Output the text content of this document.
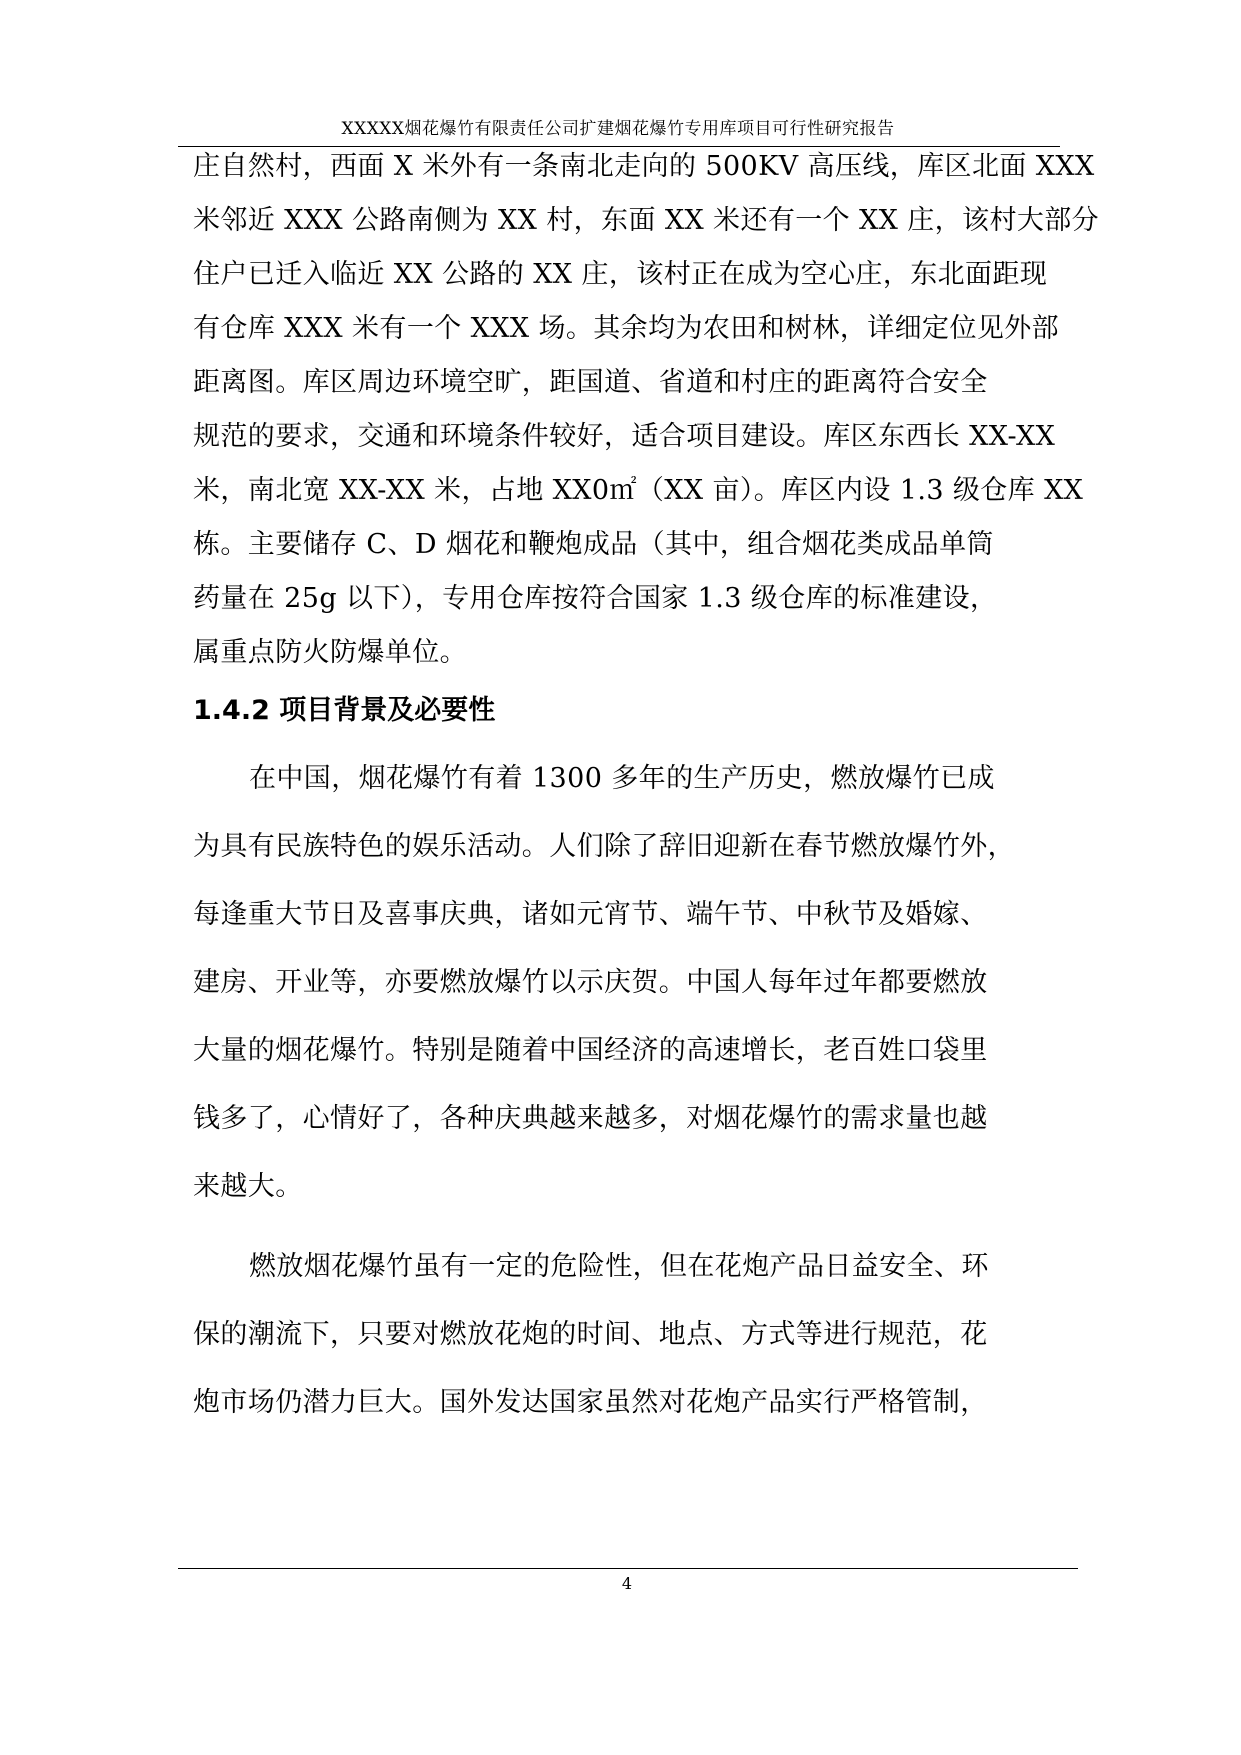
XXXXX烟花爆竹有限责任公司扩建烟花爆竹专用库项目可行性研究报告
庄自然村，西面 X 米外有一条南北走向的 500KV 高压线，库区北面 XXX
米邻近 XXX 公路南侧为 XX 村，东面 XX 米还有一个 XX 庄，该村大部分
住户已迁入临近 XX 公路的 XX 庄，该村正在成为空心庄，东北面距现
有仓库 XXX 米有一个 XXX 场。其余均为农田和树林，详细定位见外部
距离图。库区周边环境空旷，距国道、省道和村庄的距离符合安全
规范的要求，交通和环境条件较好，适合项目建设。库区东西长 XX-XX
米，南北宽 XX-XX 米，占地 XX0㎡（XX 亩）。库区内设 1.3 级仓库 XX
栋。主要储存 C、D 烟花和鞭炮成品（其中，组合烟花类成品单筒
药量在 25g 以下），专用仓库按符合国家 1.3 级仓库的标准建设，
属重点防火防爆单位。
1.4.2 项目背景及必要性
在中国，烟花爆竹有着 1300 多年的生产历史，燃放爆竹已成
为具有民族特色的娱乐活动。人们除了辞旧迎新在春节燃放爆竹外，
每逢重大节日及喜事庆典，诸如元宵节、端午节、中秋节及婚嫁、
建房、开业等，亦要燃放爆竹以示庆贺。中国人每年过年都要燃放
大量的烟花爆竹。特别是随着中国经济的高速增长，老百姓口袋里
钱多了，心情好了，各种庆典越来越多，对烟花爆竹的需求量也越
来越大。
燃放烟花爆竹虽有一定的危险性，但在花炮产品日益安全、环
保的潮流下，只要对燃放花炮的时间、地点、方式等进行规范，花
炮市场仍潜力巨大。国外发达国家虽然对花炮产品实行严格管制，
4
